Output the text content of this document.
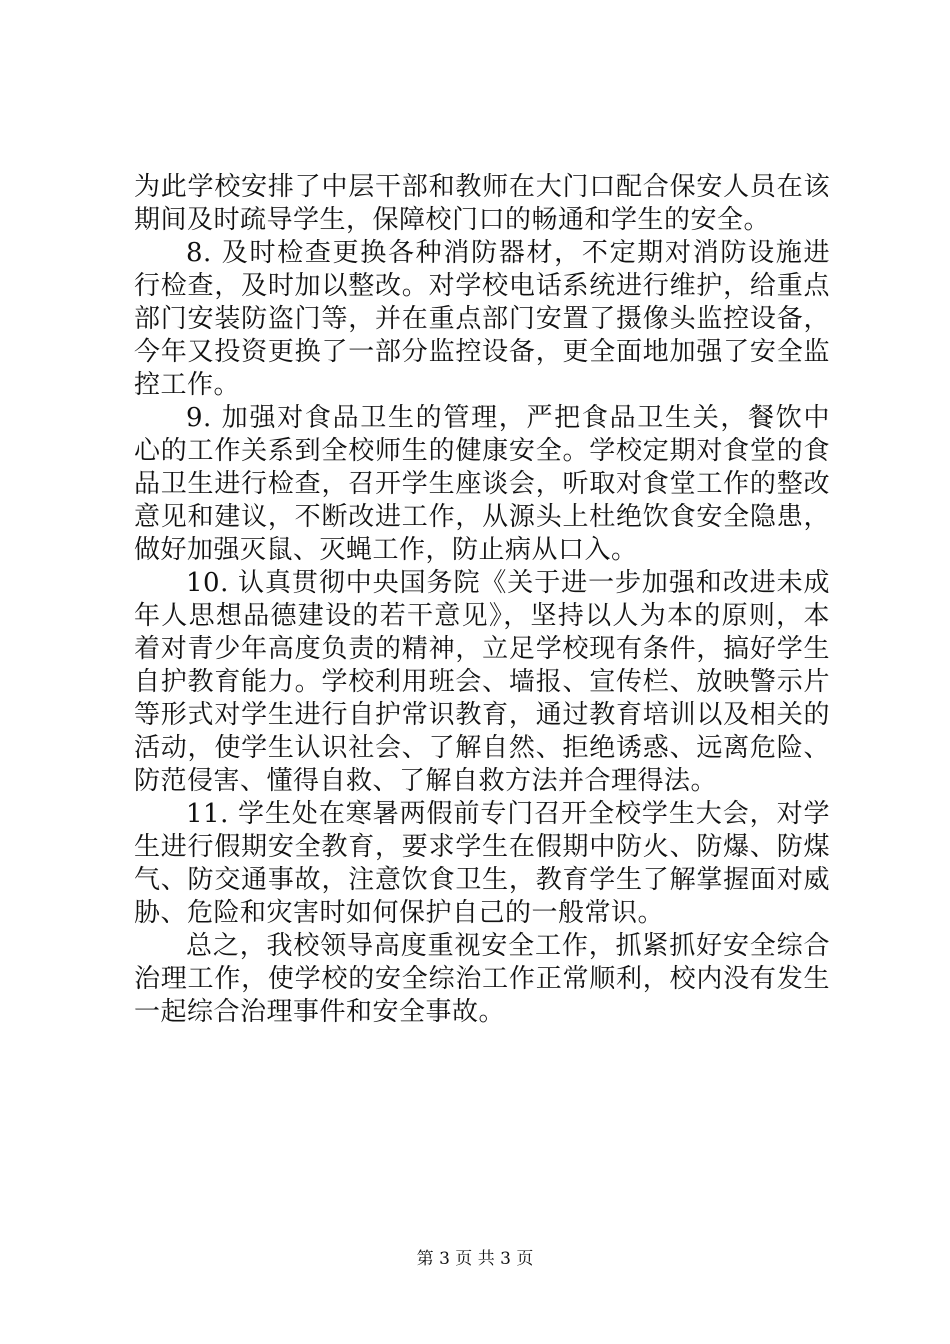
为此学校安排了中层干部和教师在大门口配合保安人员在该期间及时疏导学生，保障校门口的畅通和学生的安全。

8. 及时检查更换各种消防器材，不定期对消防设施进行检查，及时加以整改。对学校电话系统进行维护，给重点部门安装防盗门等，并在重点部门安置了摄像头监控设备，今年又投资更换了一部分监控设备，更全面地加强了安全监控工作。

9. 加强对食品卫生的管理，严把食品卫生关，餐饮中心的工作关系到全校师生的健康安全。学校定期对食堂的食品卫生进行检查，召开学生座谈会，听取对食堂工作的整改意见和建议，不断改进工作，从源头上杜绝饮食安全隐患，做好加强灭鼠、灭蝇工作，防止病从口入。

10. 认真贯彻中央国务院《关于进一步加强和改进未成年人思想品德建设的若干意见》，坚持以人为本的原则，本着对青少年高度负责的精神，立足学校现有条件，搞好学生自护教育能力。学校利用班会、墙报、宣传栏、放映警示片等形式对学生进行自护常识教育，通过教育培训以及相关的活动，使学生认识社会、了解自然、拒绝诱惑、远离危险、防范侵害、懂得自救、了解自救方法并合理得法。

11. 学生处在寒暑两假前专门召开全校学生大会，对学生进行假期安全教育，要求学生在假期中防火、防爆、防煤气、防交通事故，注意饮食卫生，教育学生了解掌握面对威胁、危险和灾害时如何保护自己的一般常识。

总之，我校领导高度重视安全工作，抓紧抓好安全综合治理工作，使学校的安全综治工作正常顺利，校内没有发生一起综合治理事件和安全事故。

第 3 页 共 3 页
